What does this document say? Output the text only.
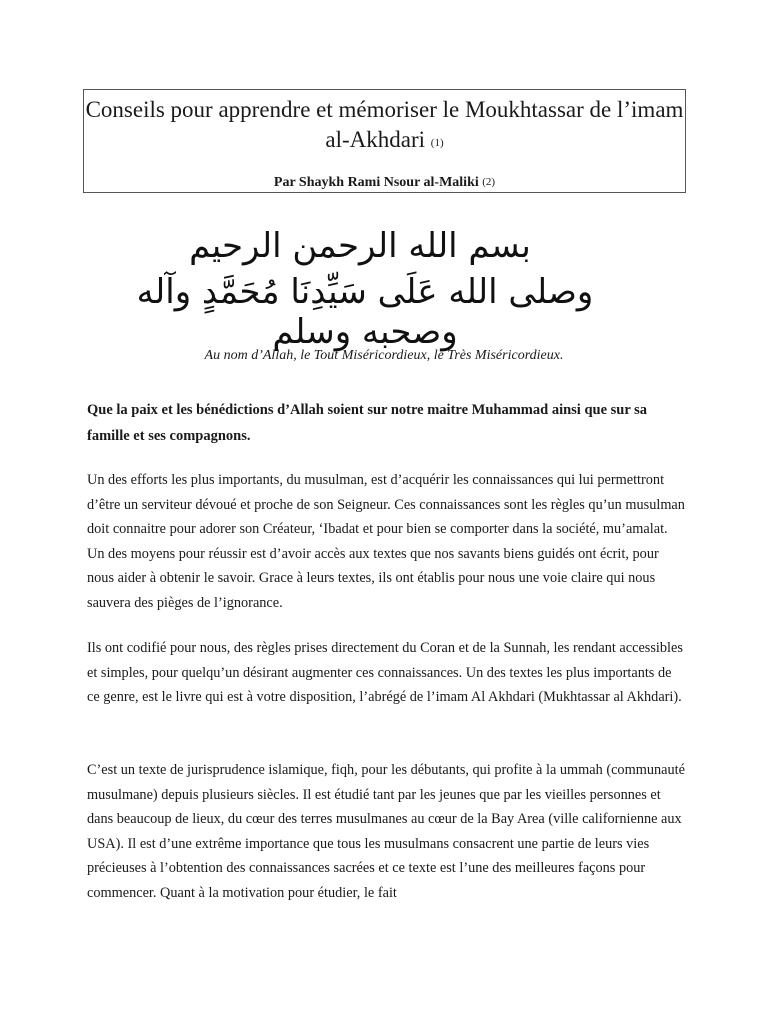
Conseils pour apprendre et mémoriser le Moukhtassar de l’imam

al-Akhdari (1)

Par Shaykh Rami Nsour al-Maliki (2)
بسم الله الرحمن الرحيم
وصلى الله عَلَى سَيِّدِنَا مُحَمَّدٍ وآله وصحبه وسلم
Au nom d’Allah, le Tout Miséricordieux, le Très Miséricordieux.

Que la paix et les bénédictions d’Allah soient sur notre maitre Muhammad ainsi que sur sa famille et ses compagnons.

Un des efforts les plus importants, du musulman, est d’acquérir les connaissances qui lui permettront d’être un serviteur dévoué et proche de son Seigneur. Ces connaissances sont les règles qu’un musulman doit connaitre pour adorer son Créateur, ‘Ibadat et pour bien se comporter dans la société, mu’amalat. Un des moyens pour réussir est d’avoir accès aux textes que nos savants biens guidés ont écrit, pour nous aider à obtenir le savoir. Grace à leurs textes, ils ont établis pour nous une voie claire qui nous sauvera des pièges de l’ignorance.

Ils ont codifié pour nous, des règles prises directement du Coran et de la Sunnah, les rendant accessibles et simples, pour quelqu’un désirant augmenter ces connaissances. Un des textes les plus importants de ce genre, est le livre qui est à votre disposition, l’abrégé de l’imam Al Akhdari (Mukhtassar al Akhdari).

C’est un texte de jurisprudence islamique, fiqh, pour les débutants, qui profite à la ummah (communauté musulmane) depuis plusieurs siècles. Il est étudié tant par les jeunes que par les vieilles personnes et dans beaucoup de lieux, du cœur des terres musulmanes au cœur de la Bay Area (ville californienne aux USA). Il est d’une extrême importance que tous les musulmans consacrent une partie de leurs vies précieuses à l’obtention des connaissances sacrées et ce texte est l’une des meilleures façons pour commencer. Quant à la motivation pour étudier, le fait
